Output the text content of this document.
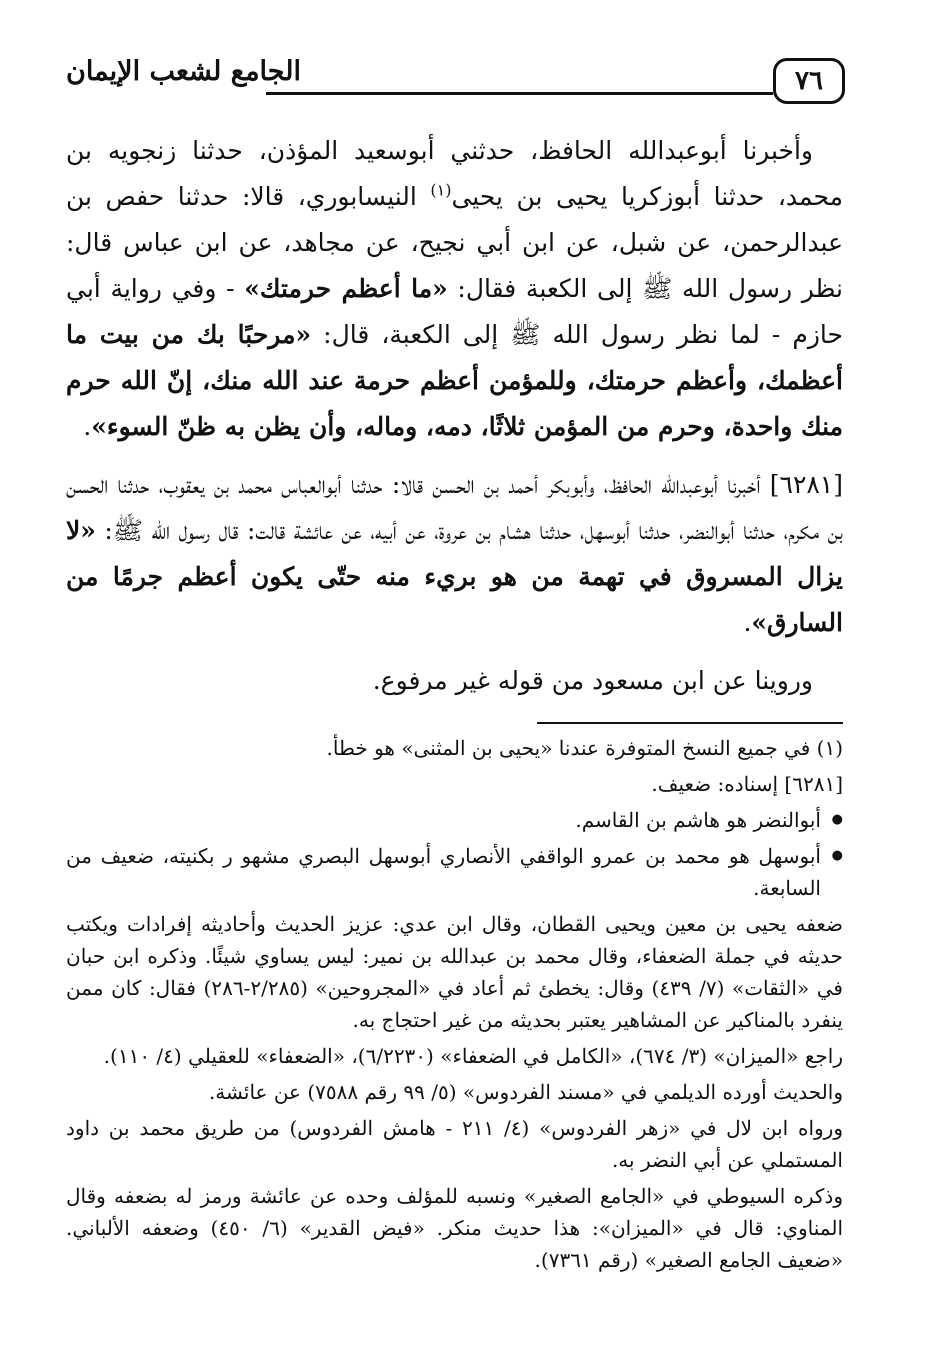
٧٦
الجامع لشعب الإيمان

وأخبرنا أبوعبدالله الحافظ، حدثني أبوسعيد المؤذن، حدثنا زنجويه بن محمد، حدثنا أبوزكريا يحيى بن يحيى$^{(١)}$ النيسابوري، قالا: حدثنا حفص بن عبدالرحمن، عن شبل، عن ابن أبي نجيح، عن مجاهد، عن ابن عباس قال: نظر رسول الله ﷺ إلى الكعبة فقال: «ما أعظم حرمتك» - وفي رواية أبي حازم - لما نظر رسول الله ﷺ إلى الكعبة، قال: «مرحبًا بك من بيت ما أعظمك، وأعظم حرمتك، وللمؤمن أعظم حرمة عند الله منك، إنّ الله حرم منك واحدة، وحرم من المؤمن ثلاثًا، دمه، وماله، وأن يظن به ظنّ السوء».

[٦٢٨١] أخبرنا أبوعبدالله الحافظ، وأبوبكر أحمد بن الحسن قالا: حدثنا أبوالعباس محمد بن يعقوب، حدثنا الحسن بن مكرم، حدثنا أبوالنضر، حدثنا أبوسهل، حدثنا هشام بن عروة، عن أبيه، عن عائشة قالت: قال رسول الله ﷺ: «لا يزال المسروق في تهمة من هو بريء منه حتّى يكون أعظم جرمًا من السارق».

وروينا عن ابن مسعود من قوله غير مرفوع.

(١) في جميع النسخ المتوفرة عندنا «يحيى بن المثنى» هو خطأ.

[٦٢٨١] إسناده: ضعيف.

● أبوالنضر هو هاشم بن القاسم.

● أبوسهل هو محمد بن عمرو الواقفي الأنصاري أبوسهل البصري مشهو ر بكنيته، ضعيف من السابعة.

ضعفه يحيى بن معين ويحيى القطان، وقال ابن عدي: عزيز الحديث وأحاديثه إفرادات ويكتب حديثه في جملة الضعفاء، وقال محمد بن عبدالله بن نمير: ليس يساوي شيئًا. وذكره ابن حبان في «الثقات» (٧/ ٤٣٩) وقال: يخطئ ثم أعاد في «المجروحين» (٢/٢٨٥-٢٨٦) فقال: كان ممن ينفرد بالمناكير عن المشاهير يعتبر بحديثه من غير احتجاج به.

راجع «الميزان» (٣/ ٦٧٤)، «الكامل في الضعفاء» (٦/٢٢٣٠)، «الضعفاء» للعقيلي (٤/ ١١٠).

والحديث أورده الديلمي في «مسند الفردوس» (٥/ ٩٩ رقم ٧٥٨٨) عن عائشة.

ورواه ابن لال في «زهر الفردوس» (٤/ ٢١١ - هامش الفردوس) من طريق محمد بن داود المستملي عن أبي النضر به.

وذكره السيوطي في «الجامع الصغير» ونسبه للمؤلف وحده عن عائشة ورمز له بضعفه وقال المناوي: قال في «الميزان»: هذا حديث منكر. «فيض القدير» (٦/ ٤٥٠) وضعفه الألباني. «ضعيف الجامع الصغير» (رقم ٧٣٦١).
